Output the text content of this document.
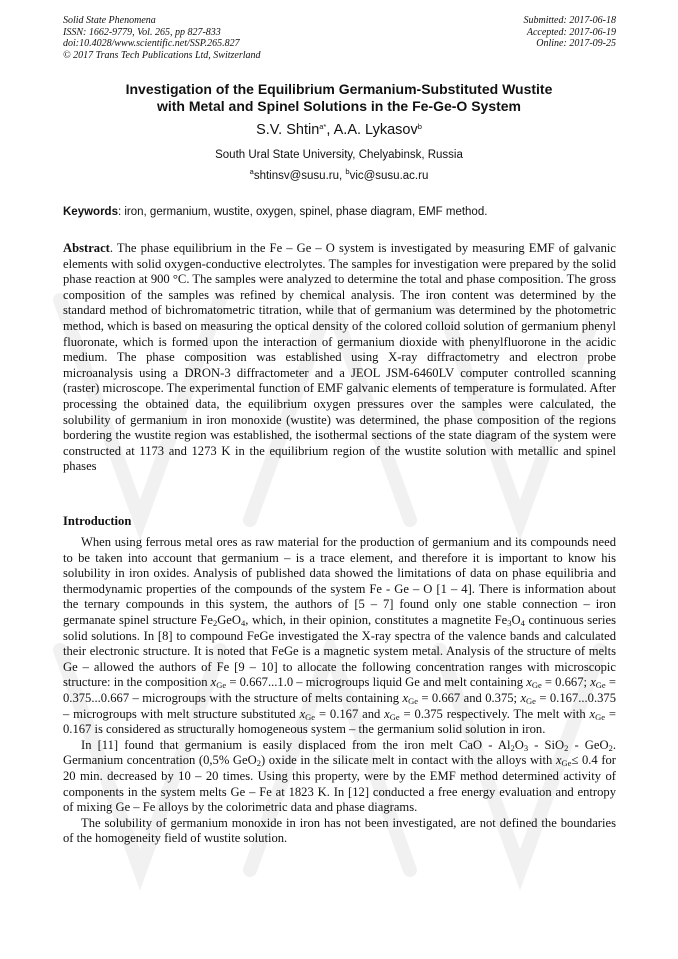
Solid State Phenomena
ISSN: 1662-9779, Vol. 265, pp 827-833
doi:10.4028/www.scientific.net/SSP.265.827
© 2017 Trans Tech Publications Ltd, Switzerland
Submitted: 2017-06-18
Accepted: 2017-06-19
Online: 2017-09-25
Investigation of the Equilibrium Germanium-Substituted Wustite
with Metal and Spinel Solutions in the Fe-Ge-O System
S.V. Shtin$^{a*}$, A.A. Lykasov$^b$
South Ural State University, Chelyabinsk, Russia
$^a$shtinsv@susu.ru, $^b$vic@susu.ac.ru
Keywords: iron, germanium, wustite, oxygen, spinel, phase diagram, EMF method.
Abstract. The phase equilibrium in the Fe – Ge – O system is investigated by measuring EMF of galvanic elements with solid oxygen-conductive electrolytes. The samples for investigation were prepared by the solid phase reaction at 900 °C. The samples were analyzed to determine the total and phase composition. The gross composition of the samples was refined by chemical analysis. The iron content was determined by the standard method of bichromatometric titration, while that of germanium was determined by the photometric method, which is based on measuring the optical density of the colored colloid solution of germanium phenyl fluoronate, which is formed upon the interaction of germanium dioxide with phenylfluorone in the acidic medium. The phase composition was established using X-ray diffractometry and electron probe microanalysis using a DRON-3 diffractometer and a JEOL JSM-6460LV computer controlled scanning (raster) microscope. The experimental function of EMF galvanic elements of temperature is formulated. After processing the obtained data, the equilibrium oxygen pressures over the samples were calculated, the solubility of germanium in iron monoxide (wustite) was determined, the phase composition of the regions bordering the wustite region was established, the isothermal sections of the state diagram of the system were constructed at 1173 and 1273 K in the equilibrium region of the wustite solution with metallic and spinel phases
Introduction

When using ferrous metal ores as raw material for the production of germanium and its compounds need to be taken into account that germanium – is a trace element, and therefore it is important to know his solubility in iron oxides. Analysis of published data showed the limitations of data on phase equilibria and thermodynamic properties of the compounds of the system Fe - Ge – O [1 – 4]. There is information about the ternary compounds in this system, the authors of [5 – 7] found only one stable connection – iron germanate spinel structure $Fe_2GeO_4$, which, in their opinion, constitutes a magnetite $Fe_3O_4$ continuous series solid solutions. In [8] to compound FeGe investigated the X-ray spectra of the valence bands and calculated their electronic structure. It is noted that FeGe is a magnetic system metal. Analysis of the structure of melts Ge – allowed the authors of Fe [9 – 10] to allocate the following concentration ranges with microscopic structure: in the composition $x_{Ge} = 0.667...1.0$ – microgroups liquid Ge and melt containing $x_{Ge} = 0.667$; $x_{Ge} = 0.375...0.667$ – microgroups with the structure of melts containing $x_{Ge} = 0.667$ and 0.375; $x_{Ge} = 0.167...0.375$ – microgroups with melt structure substituted $x_{Ge} = 0.167$ and $x_{Ge} = 0.375$ respectively. The melt with $x_{Ge} = 0.167$ is considered as structurally homogeneous system – the germanium solid solution in iron.

In [11] found that germanium is easily displaced from the iron melt CaO - $Al_2O_3 - SiO_2 - GeO_2$. Germanium concentration (0,5% GeO$_2$) oxide in the silicate melt in contact with the alloys with $x_{Ge}\le 0.4$ for 20 min. decreased by 10 – 20 times. Using this property, were by the EMF method determined activity of components in the system melts Ge – Fe at 1823 K. In [12] conducted a free energy evaluation and entropy of mixing Ge – Fe alloys by the colorimetric data and phase diagrams.

The solubility of germanium monoxide in iron has not been investigated, are not defined the boundaries of the homogeneity field of wustite solution.
